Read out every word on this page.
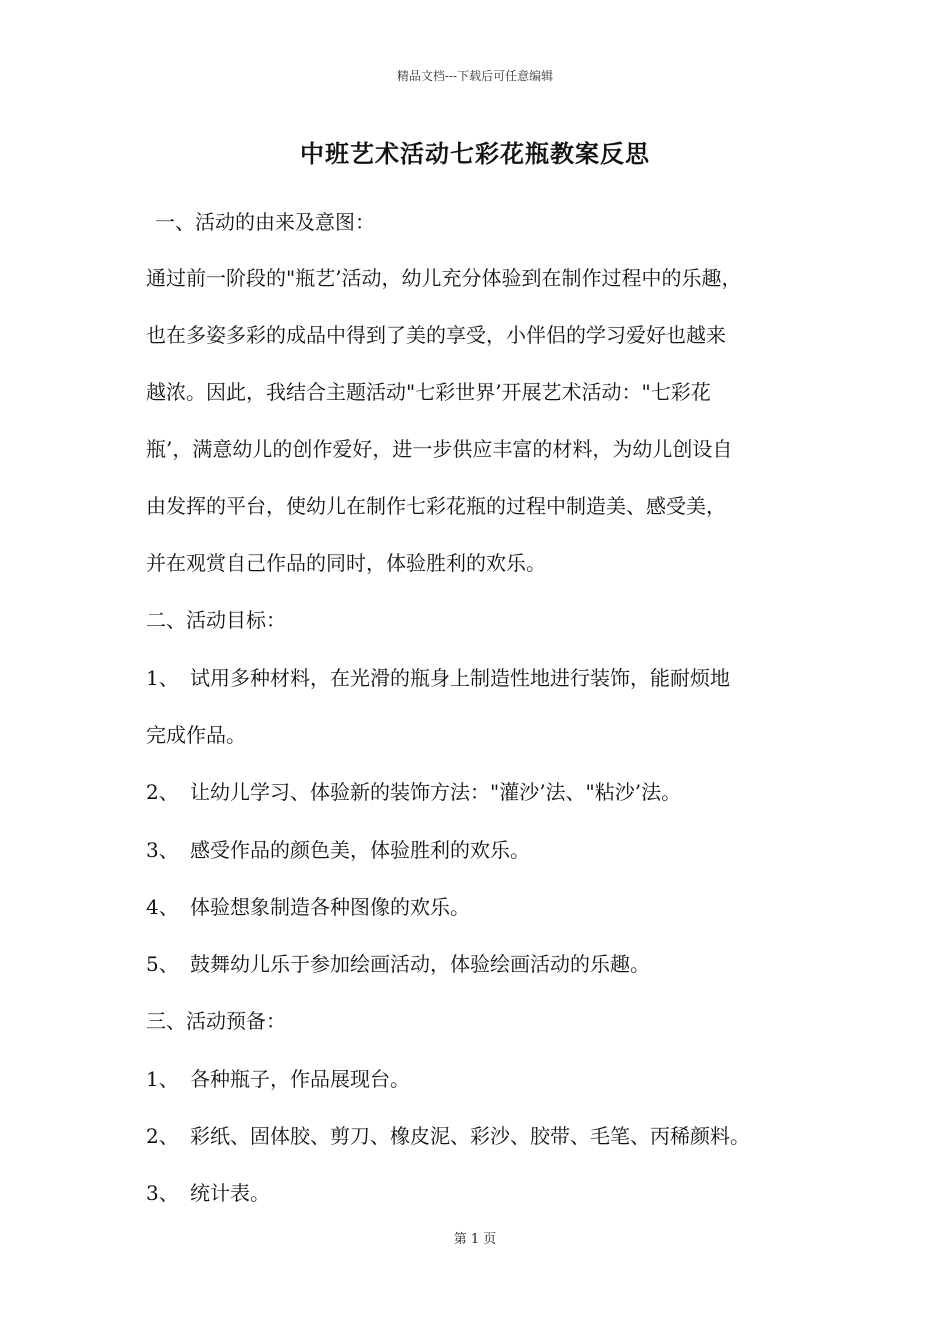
精品文档---下载后可任意编辑
中班艺术活动七彩花瓶教案反思
一、活动的由来及意图：
通过前一阶段的"瓶艺’活动，幼儿充分体验到在制作过程中的乐趣，
也在多姿多彩的成品中得到了美的享受，小伴侣的学习爱好也越来
越浓。因此，我结合主题活动"七彩世界’开展艺术活动："七彩花
瓶’，满意幼儿的创作爱好，进一步供应丰富的材料，为幼儿创设自
由发挥的平台，使幼儿在制作七彩花瓶的过程中制造美、感受美，
并在观赏自己作品的同时，体验胜利的欢乐。
二、活动目标：
1、 试用多种材料，在光滑的瓶身上制造性地进行装饰，能耐烦地
完成作品。
2、 让幼儿学习、体验新的装饰方法："灌沙’法、"粘沙’法。
3、 感受作品的颜色美，体验胜利的欢乐。
4、 体验想象制造各种图像的欢乐。
5、 鼓舞幼儿乐于参加绘画活动，体验绘画活动的乐趣。
三、活动预备：
1、 各种瓶子，作品展现台。
2、 彩纸、固体胶、剪刀、橡皮泥、彩沙、胶带、毛笔、丙稀颜料。
3、 统计表。
第 1 页
